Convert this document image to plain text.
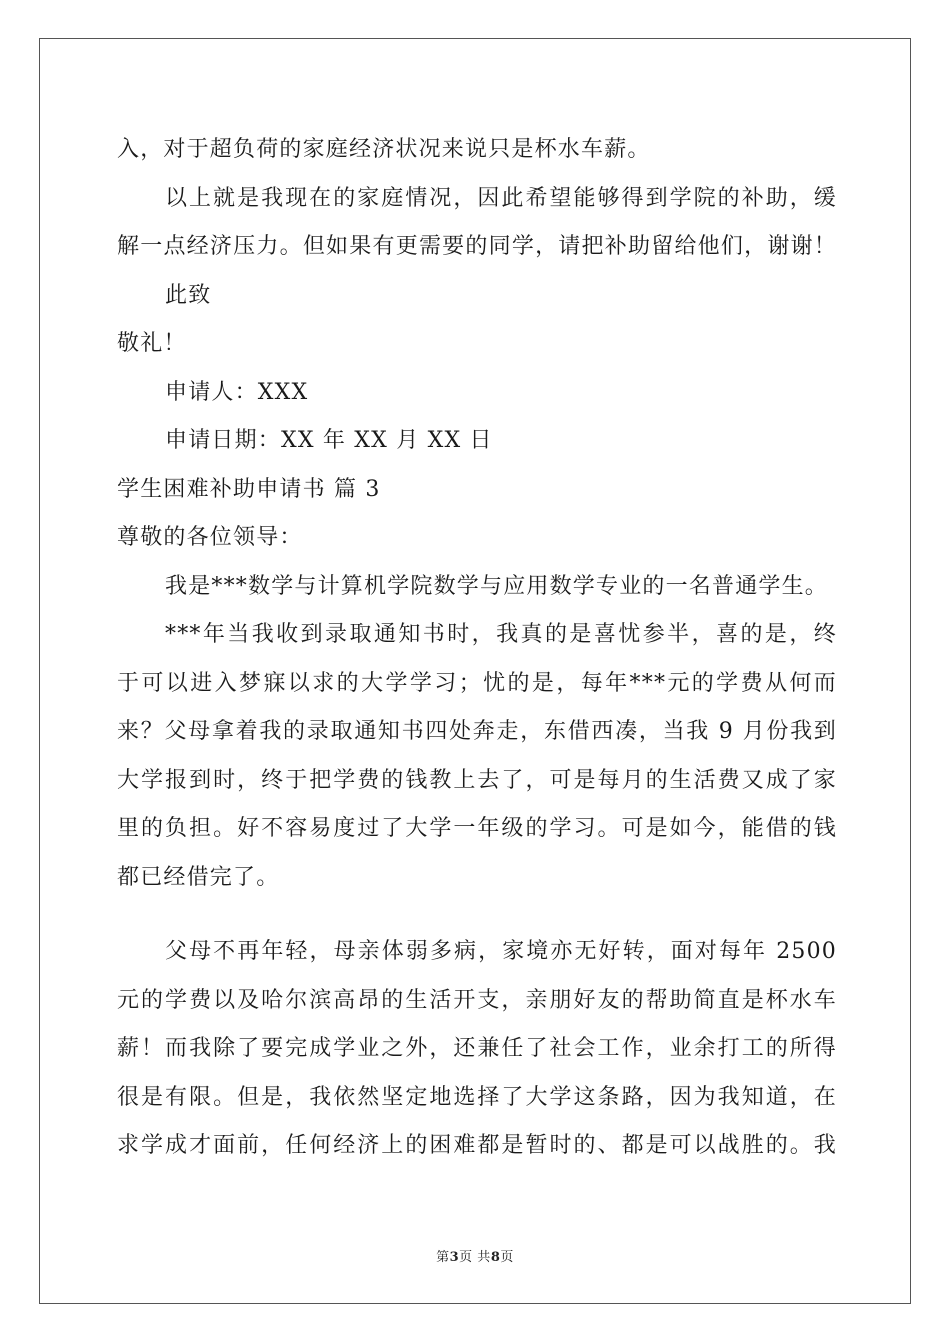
入，对于超负荷的家庭经济状况来说只是杯水车薪。
以上就是我现在的家庭情况，因此希望能够得到学院的补助，缓
解一点经济压力。但如果有更需要的同学，请把补助留给他们，谢谢！
此致
敬礼！
申请人：XXX
申请日期：XX 年 XX 月 XX 日
学生困难补助申请书 篇 3
尊敬的各位领导：
我是***数学与计算机学院数学与应用数学专业的一名普通学生。
***年当我收到录取通知书时，我真的是喜忧参半，喜的是，终
于可以进入梦寐以求的大学学习；忧的是，每年***元的学费从何而
来？父母拿着我的录取通知书四处奔走，东借西凑，当我 9 月份我到
大学报到时，终于把学费的钱教上去了，可是每月的生活费又成了家
里的负担。好不容易度过了大学一年级的学习。可是如今，能借的钱
都已经借完了。
父母不再年轻，母亲体弱多病，家境亦无好转，面对每年 2500
元的学费以及哈尔滨高昂的生活开支，亲朋好友的帮助简直是杯水车
薪！而我除了要完成学业之外，还兼任了社会工作，业余打工的所得
很是有限。但是，我依然坚定地选择了大学这条路，因为我知道，在
求学成才面前，任何经济上的困难都是暂时的、都是可以战胜的。我
第3页 共8页
